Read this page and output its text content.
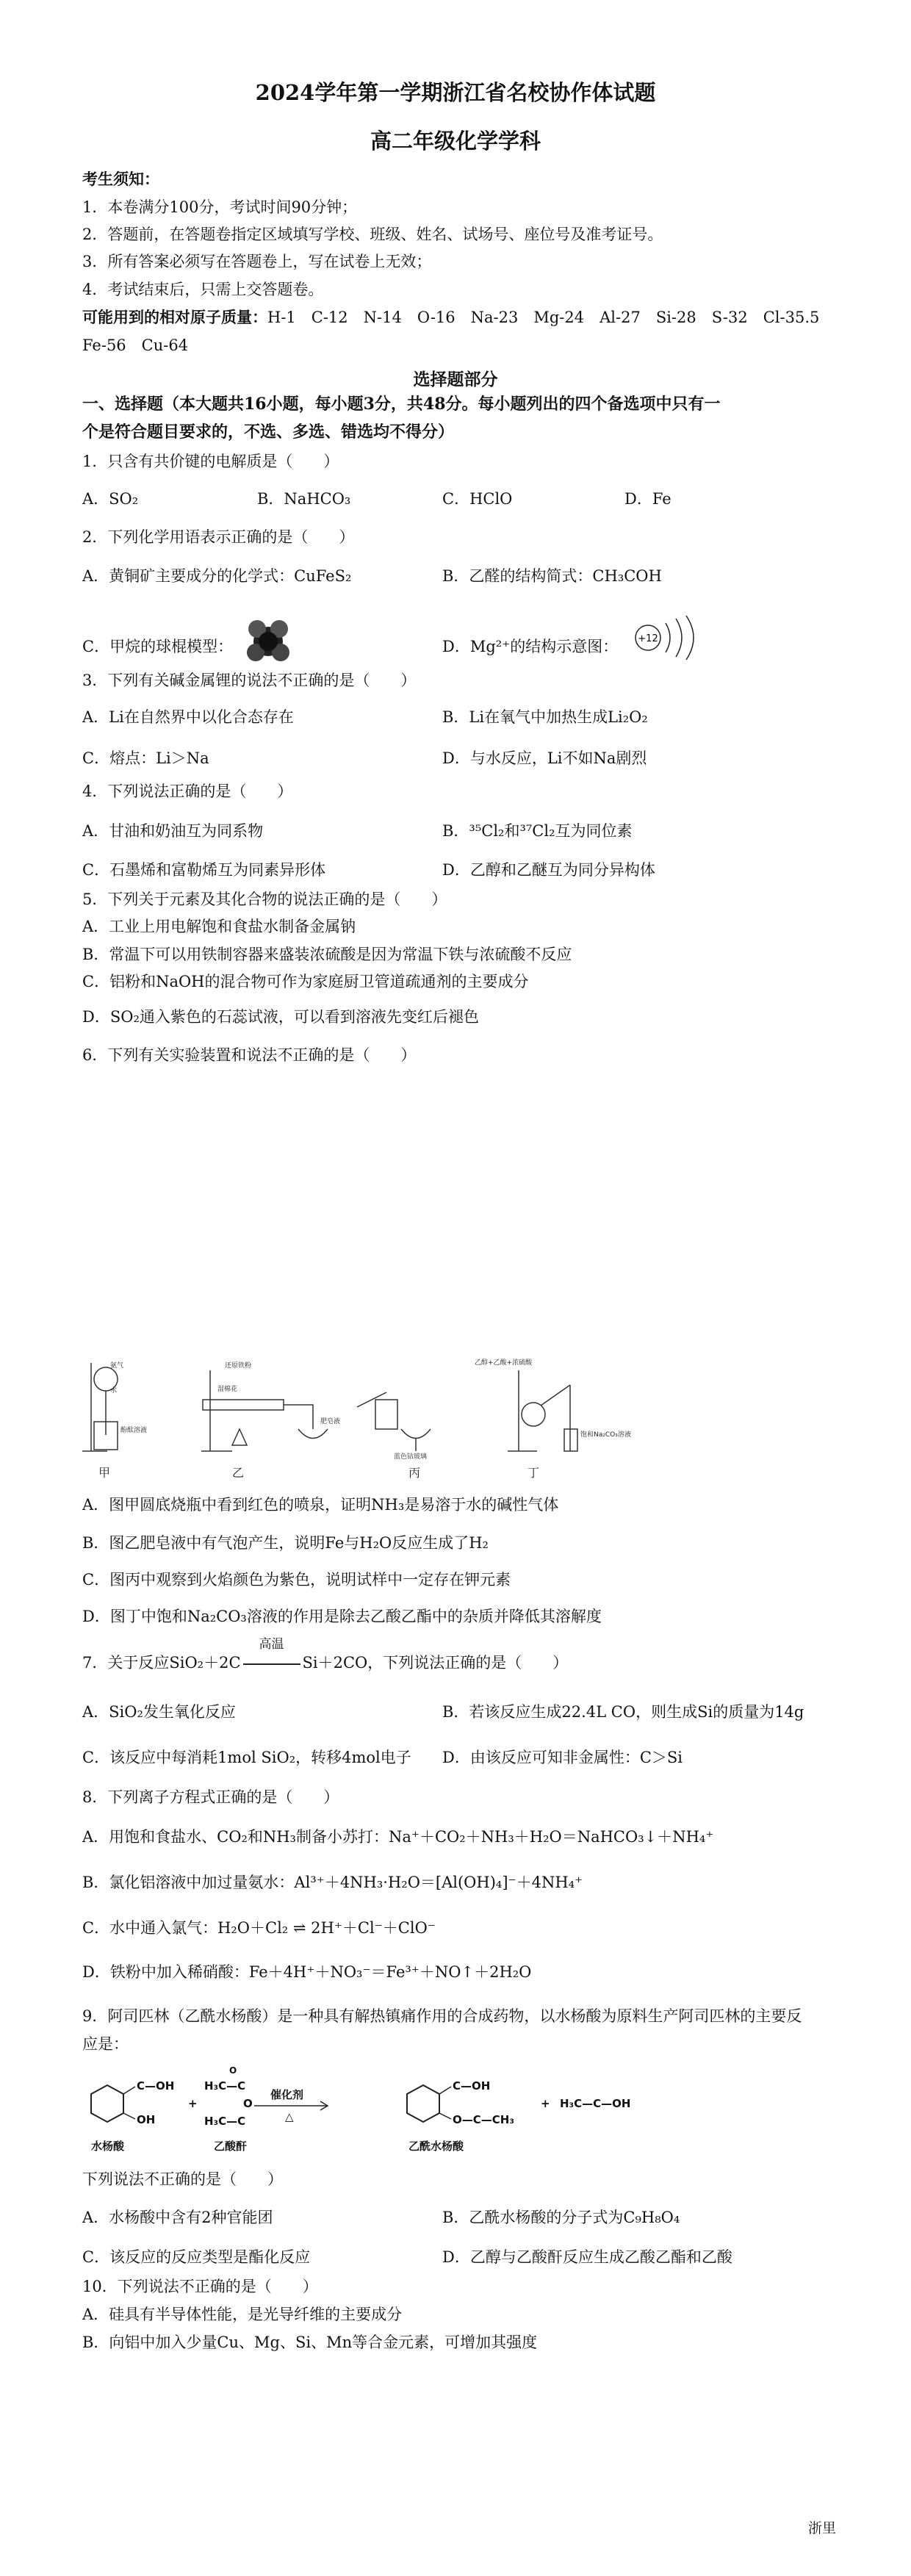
2024学年第一学期浙江省名校协作体试题
高二年级化学学科
考生须知：
1．本卷满分100分，考试时间90分钟；
2．答题前，在答题卷指定区域填写学校、班级、姓名、试场号、座位号及准考证号。
3．所有答案必须写在答题卷上，写在试卷上无效；
4．考试结束后，只需上交答题卷。
可能用到的相对原子质量：H-1　C-12　N-14　O-16　Na-23　Mg-24　Al-27　Si-28　S-32　Cl-35.5
Fe-56　Cu-64
选择题部分
一、选择题（本大题共16小题，每小题3分，共48分。每小题列出的四个备选项中只有一
个是符合题目要求的，不选、多选、错选均不得分）
1．只含有共价键的电解质是（　　）
A．SO₂	B．NaHCO₃	C．HClO	D．Fe
2．下列化学用语表示正确的是（　　）
A．黄铜矿主要成分的化学式：CuFeS₂	B．乙醛的结构简式：CH₃COH
C．甲烷的球棍模型：	D．Mg²⁺的结构示意图： +12
3．下列有关碱金属锂的说法不正确的是（　　）
A．Li在自然界中以化合态存在	B．Li在氧气中加热生成Li₂O₂
C．熔点：Li＞Na	D．与水反应，Li不如Na剧烈
4．下列说法正确的是（　　）
A．甘油和奶油互为同系物	B．³⁵Cl₂和³⁷Cl₂互为同位素
C．石墨烯和富勒烯互为同素异形体	D．乙醇和乙醚互为同分异构体
5．下列关于元素及其化合物的说法正确的是（　　）
A．工业上用电解饱和食盐水制备金属钠
B．常温下可以用铁制容器来盛装浓硫酸是因为常温下铁与浓硫酸不反应
C．铝粉和NaOH的混合物可作为家庭厨卫管道疏通剂的主要成分
D．SO₂通入紫色的石蕊试液，可以看到溶液先变红后褪色
6．下列有关实验装置和说法不正确的是（　　）
氨气
水
酚酞溶液
还原铁粉
湿棉花
肥皂液
蓝色钴玻璃
乙醇+乙酸+浓硫酸
饱和Na₂CO₃溶液
甲	乙	丙	丁
A．图甲圆底烧瓶中看到红色的喷泉，证明NH₃是易溶于水的碱性气体
B．图乙肥皂液中有气泡产生，说明Fe与H₂O反应生成了H₂
C．图丙中观察到火焰颜色为紫色，说明试样中一定存在钾元素
D．图丁中饱和Na₂CO₃溶液的作用是除去乙酸乙酯中的杂质并降低其溶解度
7．关于反应SiO₂＋2C
高温
Si＋2CO，下列说法正确的是（　　）
A．SiO₂发生氧化反应	B．若该反应生成22.4L CO，则生成Si的质量为14g
C．该反应中每消耗1mol SiO₂，转移4mol电子 D．由该反应可知非金属性：C＞Si
8．下列离子方程式正确的是（　　）
A．用饱和食盐水、CO₂和NH₃制备小苏打：Na⁺＋CO₂＋NH₃＋H₂O＝NaHCO₃↓＋NH₄⁺
B．氯化铝溶液中加过量氨水：Al³⁺＋4NH₃·H₂O＝[Al(OH)₄]⁻＋4NH₄⁺
C．水中通入氯气：H₂O＋Cl₂ ⇌ 2H⁺＋Cl⁻＋ClO⁻
D．铁粉中加入稀硝酸：Fe＋4H⁺＋NO₃⁻＝Fe³⁺＋NO↑＋2H₂O
9．阿司匹林（乙酰水杨酸）是一种具有解热镇痛作用的合成药物，以水杨酸为原料生产阿司匹林的主要反
应是：
C—OH
OH
+
H₃C—C
H₃C—C
O
O
催化剂
△
C—OH
O—C—CH₃
+ H₃C—C—OH
水杨酸	乙酸酐	乙酰水杨酸
下列说法不正确的是（　　）
A．水杨酸中含有2种官能团	B．乙酰水杨酸的分子式为C₉H₈O₄
C．该反应的反应类型是酯化反应	D．乙醇与乙酸酐反应生成乙酸乙酯和乙酸
10．下列说法不正确的是（　　）
A．硅具有半导体性能，是光导纤维的主要成分
B．向铝中加入少量Cu、Mg、Si、Mn等合金元素，可增加其强度
浙里
